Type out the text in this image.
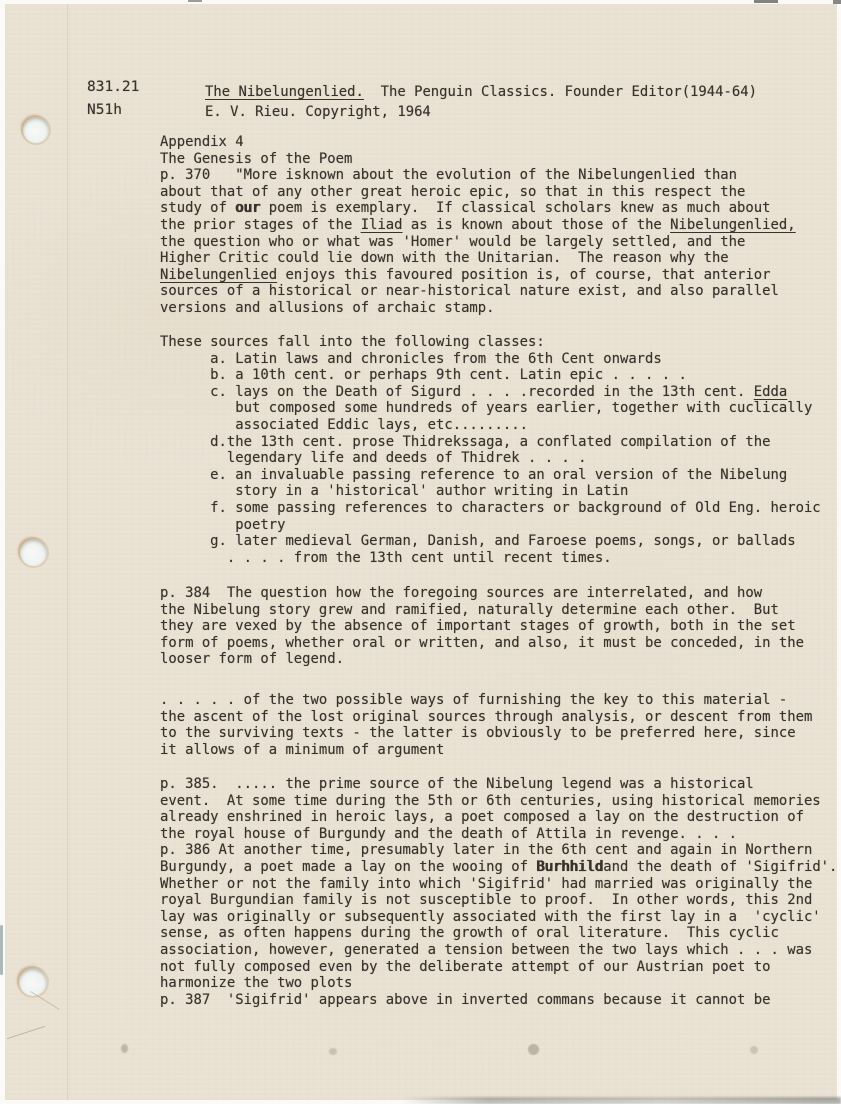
831.21
N51h
The Nibelungenlied.  The Penguin Classics. Founder Editor(1944-64)
E. V. Rieu. Copyright, 1964
Appendix 4
The Genesis of the Poem
p. 370   "More isknown about the evolution of the Nibelungenlied than
about that of any other great heroic epic, so that in this respect the
study of our poem is exemplary.  If classical scholars knew as much about
the prior stages of the Iliad as is known about those of the Nibelungenlied,
the question who or what was 'Homer' would be largely settled, and the
Higher Critic could lie down with the Unitarian.  The reason why the
Nibelungenlied enjoys this favoured position is, of course, that anterior
sources of a historical or near-historical nature exist, and also parallel
versions and allusions of archaic stamp.
These sources fall into the following classes:
a. Latin laws and chronicles from the 6th Cent onwards
b. a 10th cent. or perhaps 9th cent. Latin epic . . . . .
c. lays on the Death of Sigurd . . . .recorded in the 13th cent. Edda
but composed some hundreds of years earlier, together with cuclically
associated Eddic lays, etc.........
d.the 13th cent. prose Thidrekssaga, a conflated compilation of the
legendary life and deeds of Thidrek . . . .
e. an invaluable passing reference to an oral version of the Nibelung
story in a 'historical' author writing in Latin
f. some passing references to characters or background of Old Eng. heroic
poetry
g. later medieval German, Danish, and Faroese poems, songs, or ballads
. . . . from the 13th cent until recent times.
p. 384  The question how the foregoing sources are interrelated, and how
the Nibelung story grew and ramified, naturally determine each other.  But
they are vexed by the absence of important stages of growth, both in the set
form of poems, whether oral or written, and also, it must be conceded, in the
looser form of legend.
. . . . . of the two possible ways of furnishing the key to this material -
the ascent of the lost original sources through analysis, or descent from them
to the surviving texts - the latter is obviously to be preferred here, since
it allows of a minimum of argument
p. 385.  ..... the prime source of the Nibelung legend was a historical
event.  At some time during the 5th or 6th centuries, using historical memories
already enshrined in heroic lays, a poet composed a lay on the destruction of
the royal house of Burgundy and the death of Attila in revenge. . . .
p. 386 At another time, presumably later in the 6th cent and again in Northern
Burgundy, a poet made a lay on the wooing of Burhhildand the death of 'Sigifrid'.
Whether or not the family into which 'Sigifrid' had married was originally the
royal Burgundian family is not susceptible to proof.  In other words, this 2nd
lay was originally or subsequently associated with the first lay in a  'cyclic'
sense, as often happens during the growth of oral literature.  This cyclic
association, however, generated a tension between the two lays which . . . was
not fully composed even by the deliberate attempt of our Austrian poet to
harmonize the two plots
p. 387  'Sigifrid' appears above in inverted commans because it cannot be
